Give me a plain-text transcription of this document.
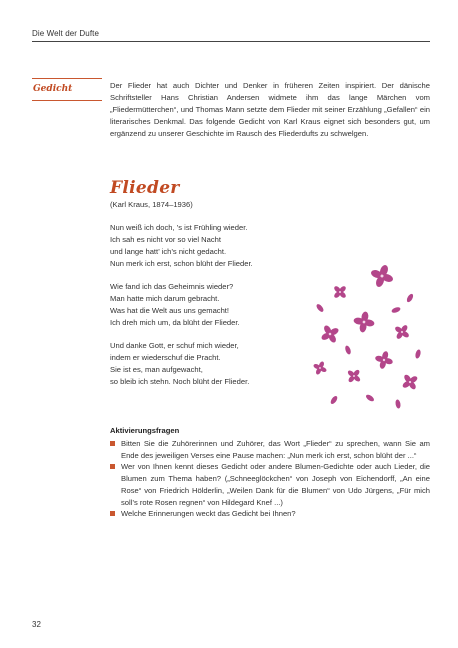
Die Welt der Dufte
Gedicht	Der Flieder hat auch Dichter und Denker in früheren Zeiten inspiriert. Der dänische Schriftsteller Hans Christian Andersen widmete ihm das lange Märchen vom „Fliedermütterchen“, und Thomas Mann setzte dem Flieder mit seiner Erzählung „Gefallen“ ein literarisches Denkmal. Das folgende Gedicht von Karl Kraus eignet sich besonders gut, um ergänzend zu unserer Geschichte im Rausch des Fliederdufts zu schwelgen.

Flieder
(Karl Kraus, 1874–1936)
Nun weiß ich doch, ’s ist Frühling wieder.
Ich sah es nicht vor so viel Nacht
und lange hatt’ ich’s nicht gedacht.
Nun merk ich erst, schon blüht der Flieder.
Wie fand ich das Geheimnis wieder?
Man hatte mich darum gebracht.
Was hat die Welt aus uns gemacht!
Ich dreh mich um, da blüht der Flieder.
Und danke Gott, er schuf mich wieder,
indem er wiederschuf die Pracht.
Sie ist es, man aufgewacht,
so bleib ich stehn. Noch blüht der Flieder.
Aktivierungsfragen
Bitten Sie die Zuhörerinnen und Zuhörer, das Wort „Flieder“ zu sprechen, wann Sie am Ende des jeweiligen Verses eine Pause machen: „Nun merk ich erst, schon blüht der ...“
Wer von Ihnen kennt dieses Gedicht oder andere Blumen-Gedichte oder auch Lieder, die Blumen zum Thema haben? („Schneeglöckchen“ von Joseph von Eichendorff, „An eine Rose“ von Friedrich Hölderlin, „Weilen Dank für die Blumen“ von Udo Jürgens, „Für mich soll’s rote Rosen regnen“ von Hildegard Knef ...)
Welche Erinnerungen weckt das Gedicht bei Ihnen?
32
